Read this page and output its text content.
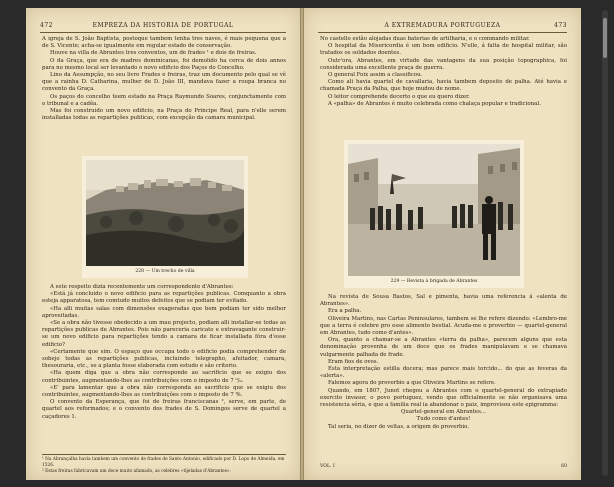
472	EMPREZA DA HISTORIA DE PORTUGAL

A igreja de S. João Baptista, postoque tambem tenha tres naves, é mais pequena que a de S. Vicente; acha-se igualmente em regular estado de conservação.

Houve na villa de Abrantes tres conventos, um de frades ¹ e dois de freiras.

O da Graça, que era de madres dominicanas, foi demolido ha cerca de dois annos para no mesmo local ser levantado o novo edificio dos Paços do Concelho.

Lino da Assumpção, no seu livro Frades e freiras, traz um documento pelo qual se vê que a rainha D. Catharina, mulher de D. João III, mandava fazer a roupa branca no convento da Graça.

Os paços do concelho teem estado na Praça Raymundo Soares, conjunctamente com o tribunal e a cadêa.

Mas foi construido um novo edificio, na Praça do Principe Real, para n'elle serem installadas todas as repartições publicas, com excepção da camara municipal.

228 — Um trecho de villa

A este respeito dizia recentemente um correspondente d'Abrantes:

«Está já concluido o novo edificio para as repartições publicas. Comquanto a obra esteja apparatosa, tem comtudo muitos defeitos que se podiam ter evitado.

«Ha alli muitas salas com dimensões exageradas que bem podiam ter sido melhor aproveitadas.

«Se a obra não tivesse obedecido a um mau projecto, podiam alli installar-se todas as repartições publicas de Abrantes. Pois não pareceria caricato e extravagante construir-se um novo edificio para repartições tendo a camara de ficar installada fóra d'esse edificio?

«Certamente que sim. O espaço que occupa todo o edificio podia comprehender de sobejo todas as repartições publicas, incluindo telegrapho, afeitador, camara, thesouraria, etc., se a planta fosse elaborada com estudo e são criterio.

«Ha quem diga que a obra não corresponde ao sacrificio que se exigiu dos contribuintes, augmentando-lhes as contribuições com o imposto de 7 ⁰/₀.

«E' para lamentar que a obra não corresponda ao sacrificio que se exigiu dos contribuintes, augmentando-lhes as contribuições com o imposto de 7 %.

O convento da Esperança, que foi de freiras franciscanas ², serve, em parte, de quartel aos reformados; e o convento dos frades de S. Domingos serve de quartel a caçadores 1.

¹ Na Abrançalha havia tambem um convento de frades de Santo Antonio, edificado por D. Lopo de Almeida, em 1526.
² Estas freiras fabricavam um doce muito afamado, as celebres «tijeladas d'Abrantes».
A EXTREMADURA PORTUGUEZA	473

No castello estão alojadas duas baterias de artilharia, e o commando militar.

O hospital da Misericordia é um bom edificio. N'elle, á falta de hospital militar, são tratados os soldados doentes.

Outr'ora, Abrantes, em virtude das vantagens da sua posição topographica, foi considerada uma excellente praça de guerra.

O general Foix assim a classificou.

Como ali havia quartel de cavallaria, havia tambem deposito de palha. Até havia e chamada Praça da Palha, que hoje mudou de nome.

O leitor comprehende decerto o que eu quero dizer.

A «palha» de Abrantes é muito celebrada como chalaça popular e tradicional.

229 — Revista á brigada de Abrantes

Na revista de Sousa Bastos, Sal e pimenta, havia uma referencia á «alenta de Abrantes».

Era a palha.

Oliveira Martins, nas Cartas Peninsulares, tambem se lhe refere dizendo: «Lembro-me que a terra é celebre pro esse alimento bestial. Acuda-me o proverbio — quartel-general em Abrantes, tudo como d'antes».

Ora, quanto a chamar-se a Abrantes «terra da palha», parecem alguns que esta denominação provenha de um doce que os frades manipulavam e se chamava vulgarmente palhada de frade.

Eram fios de ovos.

Esta interpretação estilla docera; mas parece mais torcido... do que as feveras da «alerta».

Falemos agora do proverbio a que Oliveira Martins se refere.

Quando, em 1807, Junot chegou a Abrantes com o quartel-general do extrapiado exercito invasor, o povo portuguez, vendo que officialmente se não organisava uma resistencia séria, e que a familia real ia abandonar o paiz, improvisou este epigramma:

Quartel-general em Abrantes...

Tudo como d'antes!

Tal seria, no dizer de veltas, a origem do proverbio.

VOL. I	60
